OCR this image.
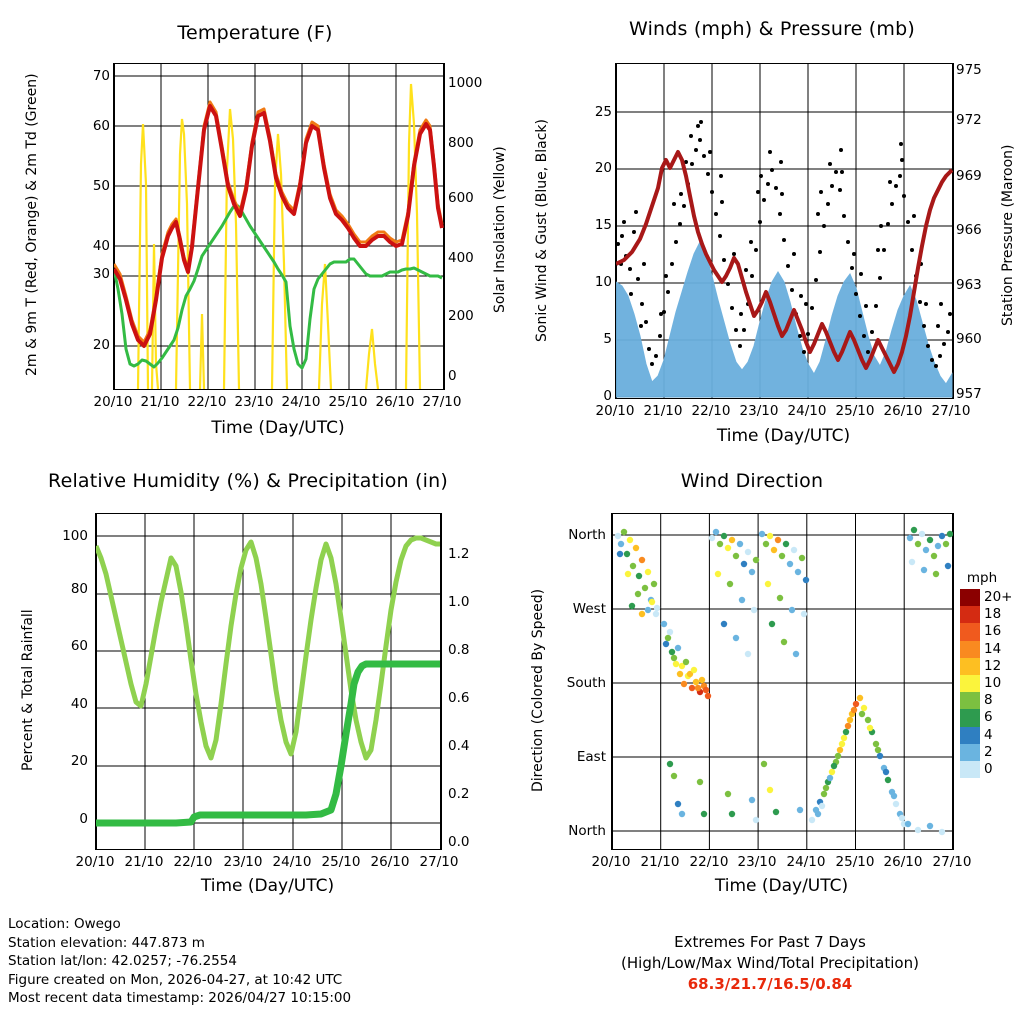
Temperature (F)
2m & 9m T (Red, Orange) & 2m Td (Green)	Solar Insolation (Yellow)
70
60
50
40
30
20
1000
800
600
400
200
0
20/10 21/10 22/10 23/10 24/10 25/10 26/10 27/10
Time (Day/UTC)
Winds (mph) & Pressure (mb)
Sonic Wind & Gust (Blue, Black)	Station Pressure (Maroon)
25
20
15
10
5
0
975
972
969
966
963
960
957
20/10 21/10 22/10 23/10 24/10 25/10 26/10 27/10
Time (Day/UTC)
Relative Humidity (%) & Precipitation (in)
Percent & Total Rainfall
100
80
60
40
20
0
1.2
1.0
0.8
0.6
0.4
0.2
0.0
20/10 21/10 22/10 23/10 24/10 25/10 26/10 27/10
Time (Day/UTC)
Wind Direction
Direction (Colored By Speed)
North
West
South
East
North
20/10 21/10 22/10 23/10 24/10 25/10 26/10 27/10
Time (Day/UTC)
mph
20+
18
16
14
12
10
8
6
4
2
0
Location: Owego
Station elevation: 447.873 m
Station lat/lon: 42.0257; -76.2554
Figure created on Mon, 2026-04-27, at 10:42 UTC
Most recent data timestamp: 2026/04/27 10:15:00
Extremes For Past 7 Days
(High/Low/Max Wind/Total Precipitation)
68.3/21.7/16.5/0.84
